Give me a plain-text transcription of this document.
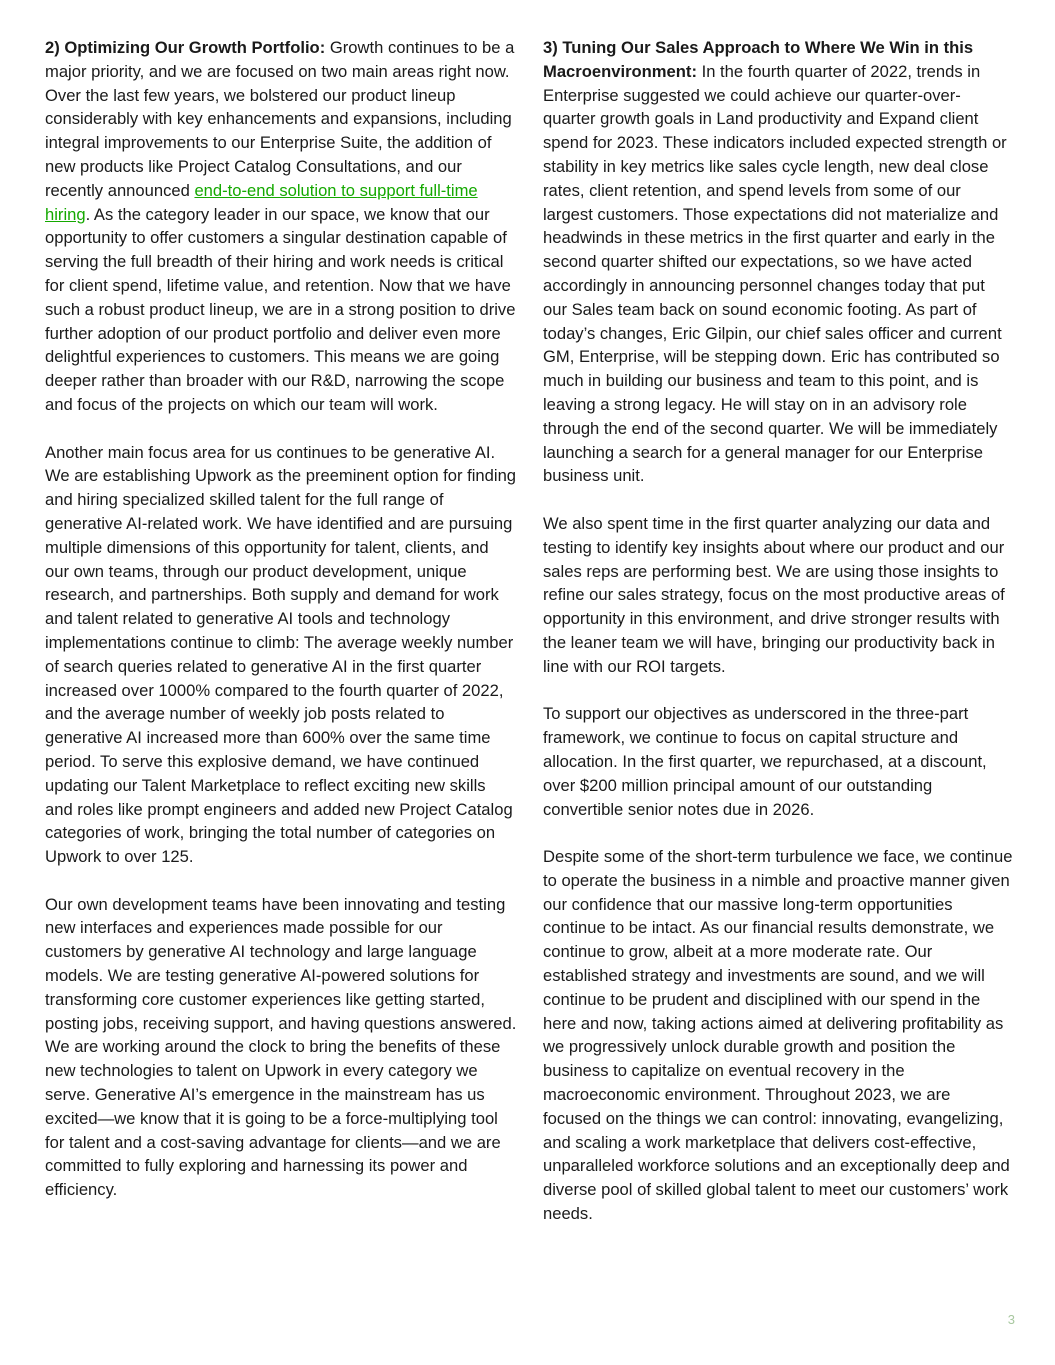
2) Optimizing Our Growth Portfolio: Growth continues to be a major priority, and we are focused on two main areas right now. Over the last few years, we bolstered our product lineup considerably with key enhancements and expansions, including integral improvements to our Enterprise Suite, the addition of new products like Project Catalog Consultations, and our recently announced end-to-end solution to support full-time hiring. As the category leader in our space, we know that our opportunity to offer customers a singular destination capable of serving the full breadth of their hiring and work needs is critical for client spend, lifetime value, and retention. Now that we have such a robust product lineup, we are in a strong position to drive further adoption of our product portfolio and deliver even more delightful experiences to customers. This means we are going deeper rather than broader with our R&D, narrowing the scope and focus of the projects on which our team will work.

Another main focus area for us continues to be generative AI. We are establishing Upwork as the preeminent option for finding and hiring specialized skilled talent for the full range of generative AI-related work. We have identified and are pursuing multiple dimensions of this opportunity for talent, clients, and our own teams, through our product development, unique research, and partnerships. Both supply and demand for work and talent related to generative AI tools and technology implementations continue to climb: The average weekly number of search queries related to generative AI in the first quarter increased over 1000% compared to the fourth quarter of 2022, and the average number of weekly job posts related to generative AI increased more than 600% over the same time period. To serve this explosive demand, we have continued updating our Talent Marketplace to reflect exciting new skills and roles like prompt engineers and added new Project Catalog categories of work, bringing the total number of categories on Upwork to over 125.

Our own development teams have been innovating and testing new interfaces and experiences made possible for our customers by generative AI technology and large language models. We are testing generative AI-powered solutions for transforming core customer experiences like getting started, posting jobs, receiving support, and having questions answered. We are working around the clock to bring the benefits of these new technologies to talent on Upwork in every category we serve. Generative AI’s emergence in the mainstream has us excited—we know that it is going to be a force-multiplying tool for talent and a cost-saving advantage for clients—and we are committed to fully exploring and harnessing its power and efficiency.

3) Tuning Our Sales Approach to Where We Win in this Macroenvironment: In the fourth quarter of 2022, trends in Enterprise suggested we could achieve our quarter-over-quarter growth goals in Land productivity and Expand client spend for 2023. These indicators included expected strength or stability in key metrics like sales cycle length, new deal close rates, client retention, and spend levels from some of our largest customers. Those expectations did not materialize and headwinds in these metrics in the first quarter and early in the second quarter shifted our expectations, so we have acted accordingly in announcing personnel changes today that put our Sales team back on sound economic footing. As part of today’s changes, Eric Gilpin, our chief sales officer and current GM, Enterprise, will be stepping down. Eric has contributed so much in building our business and team to this point, and is leaving a strong legacy. He will stay on in an advisory role through the end of the second quarter. We will be immediately launching a search for a general manager for our Enterprise business unit.

We also spent time in the first quarter analyzing our data and testing to identify key insights about where our product and our sales reps are performing best. We are using those insights to refine our sales strategy, focus on the most productive areas of opportunity in this environment, and drive stronger results with the leaner team we will have, bringing our productivity back in line with our ROI targets.

To support our objectives as underscored in the three-part framework, we continue to focus on capital structure and allocation. In the first quarter, we repurchased, at a discount, over $200 million principal amount of our outstanding convertible senior notes due in 2026.

Despite some of the short-term turbulence we face, we continue to operate the business in a nimble and proactive manner given our confidence that our massive long-term opportunities continue to be intact. As our financial results demonstrate, we continue to grow, albeit at a more moderate rate. Our established strategy and investments are sound, and we will continue to be prudent and disciplined with our spend in the here and now, taking actions aimed at delivering profitability as we progressively unlock durable growth and position the business to capitalize on eventual recovery in the macroeconomic environment. Throughout 2023, we are focused on the things we can control: innovating, evangelizing, and scaling a work marketplace that delivers cost-effective, unparalleled workforce solutions and an exceptionally deep and diverse pool of skilled global talent to meet our customers’ work needs.

3
